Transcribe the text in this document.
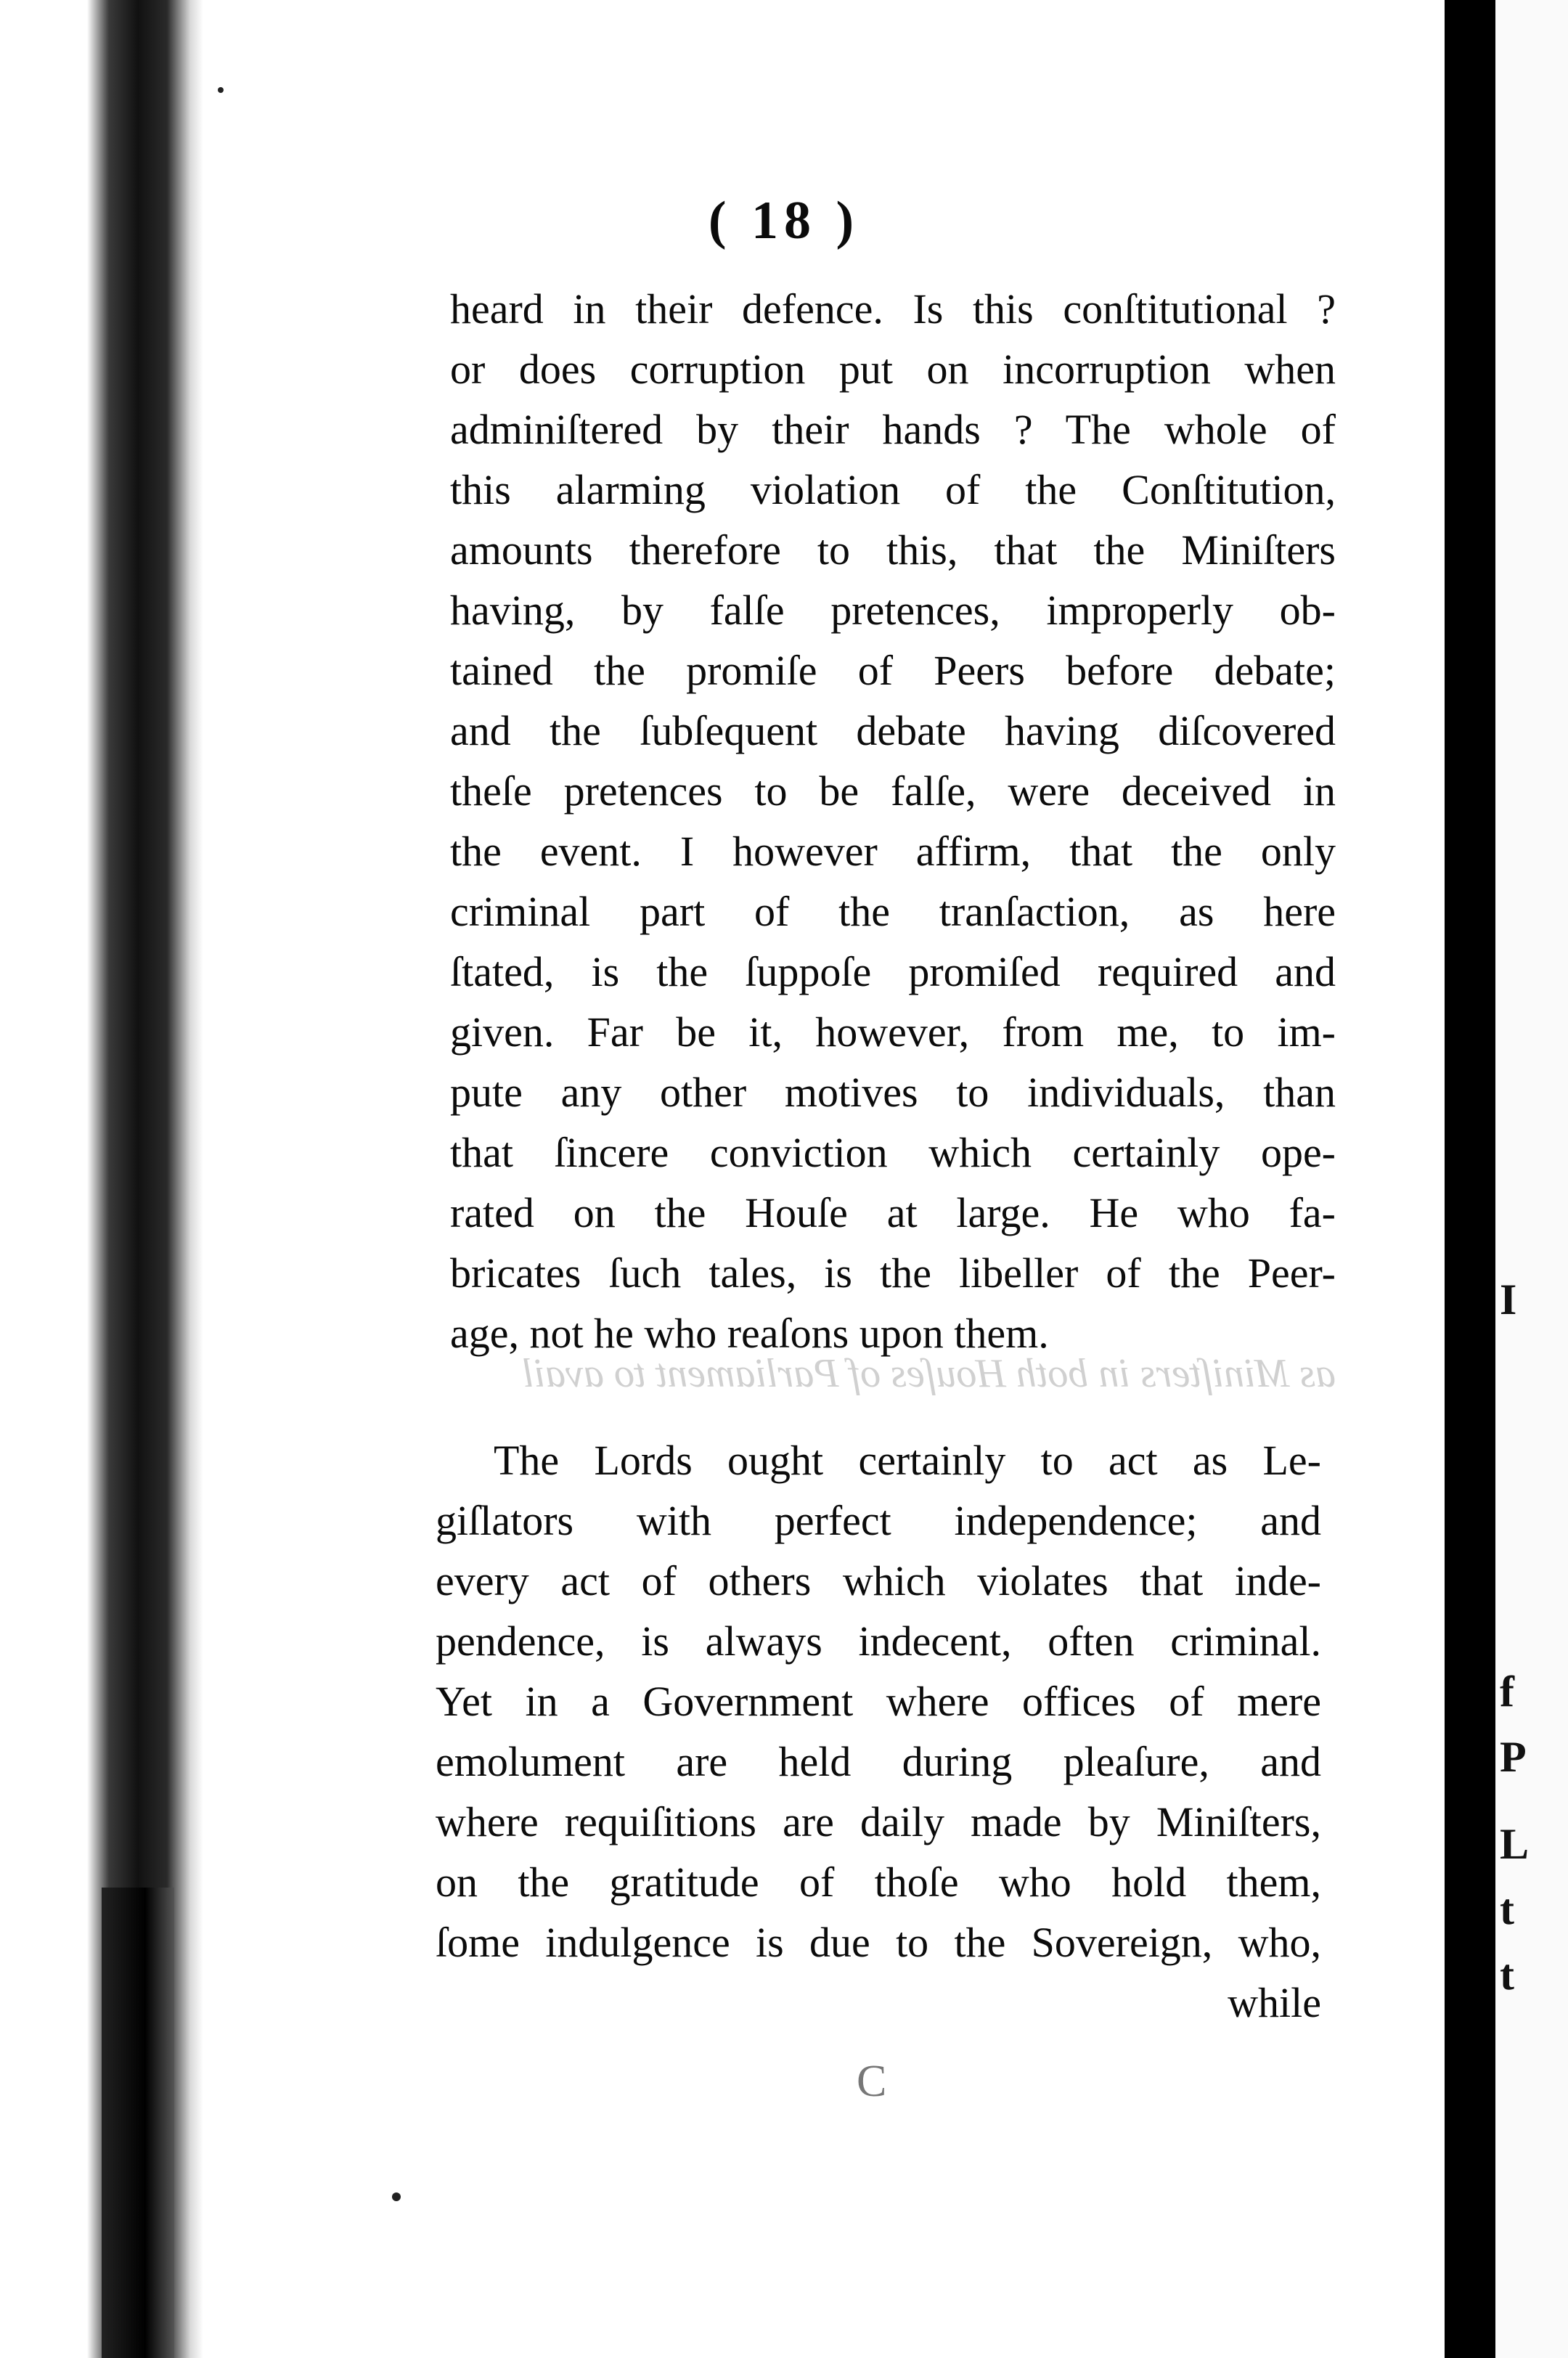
f
P
L
t
t
I
( 18 )
heard in their defence. Is this conſtitutional ?
or does corruption put on incorruption when
adminiſtered by their hands ? The whole of
this alarming violation of the Conſtitution,
amounts therefore to this, that the Miniſters
having, by falſe pretences, improperly ob-
tained the promiſe of Peers before debate;
and the ſubſequent debate having diſcovered
theſe pretences to be falſe, were deceived in
the event. I however affirm, that the only
criminal part of the tranſaction, as here
ſtated, is the ſuppoſe promiſed required and
given. Far be it, however, from me, to im-
pute any other motives to individuals, than
that ſincere conviction which certainly ope-
rated on the Houſe at large. He who fa-
bricates ſuch tales, is the libeller of the Peer-
age, not he who reaſons upon them.
as Miniſters in both Houſes of Parliament to avail
The Lords ought certainly to act as Le-
giſlators with perfect independence; and
every act of others which violates that inde-
pendence, is always indecent, often criminal.
Yet in a Government where offices of mere
emolument are held during pleaſure, and
where requiſitions are daily made by Miniſters,
on the gratitude of thoſe who hold them,
ſome indulgence is due to the Sovereign, who,
while
C
